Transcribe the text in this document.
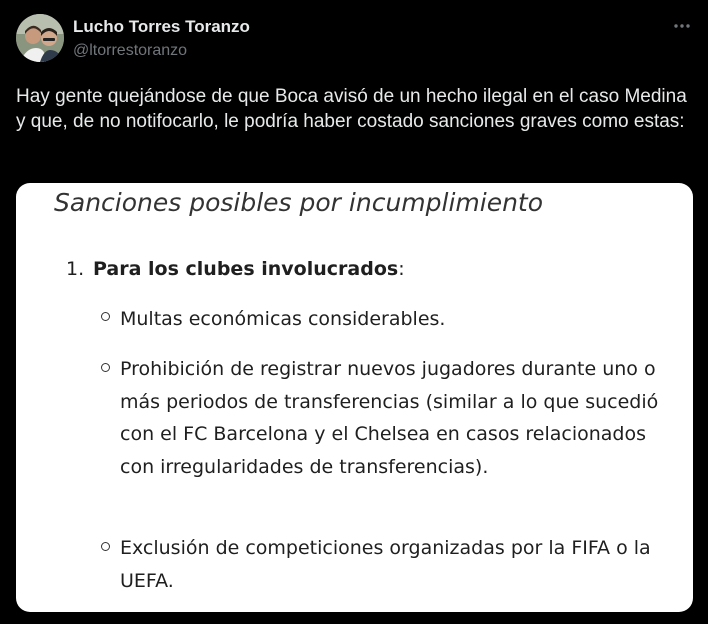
Lucho Torres Toranzo
@ltorrestoranzo
Hay gente quejándose de que Boca avisó de un hecho ilegal en el caso Medina y que, de no notifocarlo, le podría haber costado sanciones graves como estas:
Sanciones posibles por incumplimiento
1. Para los clubes involucrados:
Multas económicas considerables.
Prohibición de registrar nuevos jugadores durante uno o más periodos de transferencias (similar a lo que sucedió con el FC Barcelona y el Chelsea en casos relacionados con irregularidades de transferencias).
Exclusión de competiciones organizadas por la FIFA o la UEFA.
